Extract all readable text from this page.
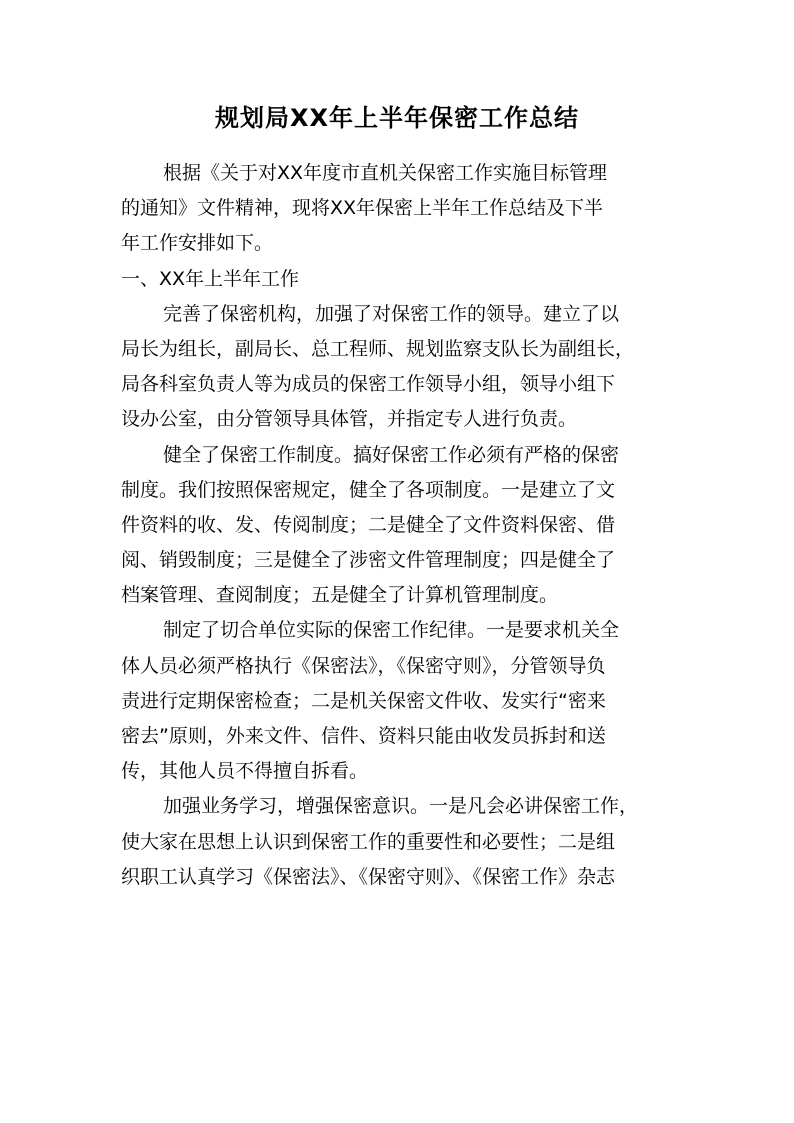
规划局XX年上半年保密工作总结
根据《关于对XX年度市直机关保密工作实施目标管理
的通知》文件精神，现将XX年保密上半年工作总结及下半
年工作安排如下。
一、XX年上半年工作
完善了保密机构，加强了对保密工作的领导。建立了以
局长为组长，副局长、总工程师、规划监察支队长为副组长，
局各科室负责人等为成员的保密工作领导小组，领导小组下
设办公室，由分管领导具体管，并指定专人进行负责。
健全了保密工作制度。搞好保密工作必须有严格的保密
制度。我们按照保密规定，健全了各项制度。一是建立了文
件资料的收、发、传阅制度；二是健全了文件资料保密、借
阅、销毁制度；三是健全了涉密文件管理制度；四是健全了
档案管理、查阅制度；五是健全了计算机管理制度。
制定了切合单位实际的保密工作纪律。一是要求机关全
体人员必须严格执行《保密法》，《保密守则》，分管领导负
责进行定期保密检查；二是机关保密文件收、发实行“密来
密去”原则，外来文件、信件、资料只能由收发员拆封和送
传，其他人员不得擅自拆看。
加强业务学习，增强保密意识。一是凡会必讲保密工作，
使大家在思想上认识到保密工作的重要性和必要性；二是组
织职工认真学习《保密法》、《保密守则》、《保密工作》杂志
